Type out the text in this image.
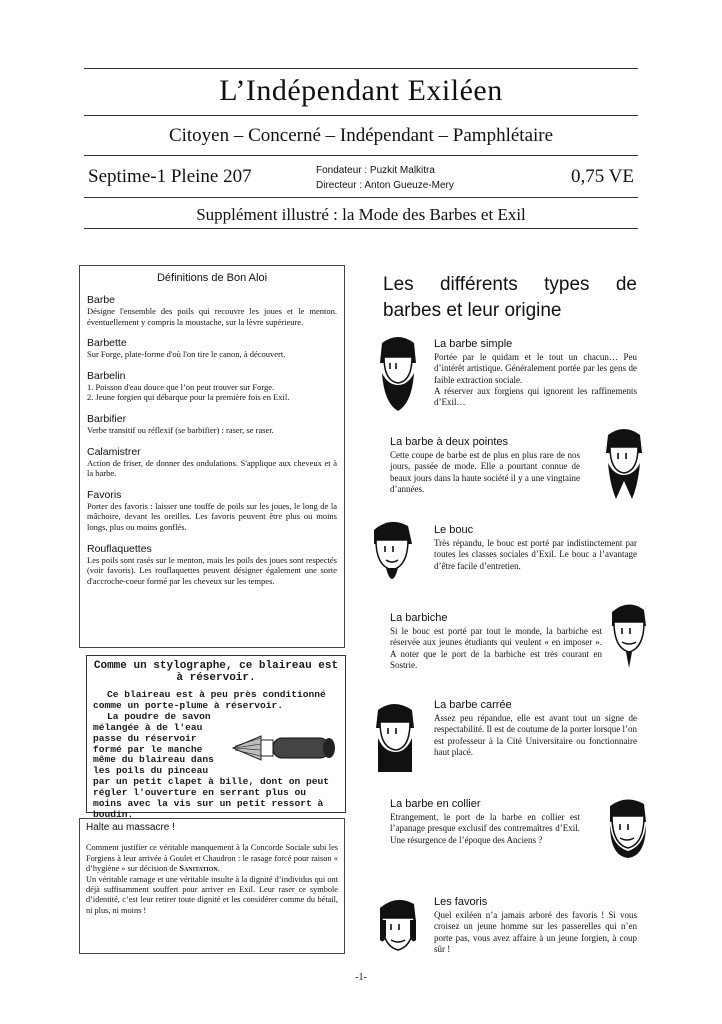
L’Indépendant Exiléen
Citoyen – Concerné – Indépendant – Pamphlétaire
Septime-1 Pleine 207	Fondateur : Puzkit Malkitra
Directeur : Anton Gueuze-Mery	0,75 VE
Supplément illustré : la Mode des Barbes et Exil
Définitions de Bon Aloi
Barbe
Désigne l'ensemble des poils qui recouvre les joues et le menton. éventuellement y compris la moustache, sur la lèvre supérieure.
Barbette
Sur Forge, plate-forme d'où l'on tire le canon, à découvert.
Barbelin
1. Poisson d'eau douce que l’on peut trouver sur Forge.
2. Jeune forgien qui débarque pour la première fois en Exil.
Barbifier
Verbe transitif ou réflexif (se barbifier) : raser, se raser.
Calamistrer
Action de friser, de donner des ondulations. S'applique aux cheveux et à la barbe.
Favoris
Porter des favoris : laisser une touffe de poils sur les joues, le long de la mâchoire, devant les oreilles. Les favoris peuvent être plus ou moins longs, plus ou moins gonflés.
Rouflaquettes
Les poils sont rasés sur le menton, mais les poils des joues sont respectés (voir favoris). Les rouflaquettes peuvent désigner également une sorte d'accroche-coeur formé par les cheveux sur les tempes.
Comme un stylographe, ce blaireau est à réservoir.
Ce blaireau est à peu près conditionné comme un porte-plume à réservoir.
La poudre de savon mélangée à de l'eau passe du réservoir formé par le manche même du blaireau dans les poils du pinceau par un petit clapet à bille, dont on peut régler l'ouverture en serrant plus ou moins avec la vis sur un petit ressort à boudin.
Halte au massacre !
Comment justifier ce véritable manquement à la Concorde Sociale subi les Forgiens à leur arrivée à Goulet et Chaudron : le rasage forcé pour raison « d’hygiène » sur décision de Sanitation.
Un véritable carnage et une véritable insulte à la dignité d’individus qui ont déjà suffisamment souffert pour arriver en Exil. Leur raser ce symbole d’identité, c’est leur retirer toute dignité et les considérer comme du bétail, ni plus, ni moins !
Les différents types de barbes et leur origine
La barbe simple

Portée par le quidam et le tout un chacun… Peu d’intérêt artistique. Généralement portée par les gens de faible extraction sociale.

A réserver aux forgiens qui ignorent les raffinements d’Exil…

La barbe à deux pointes

Cette coupe de barbe est de plus en plus rare de nos jours, passée de mode. Elle a pourtant connue de beaux jours dans la haute société il y a une vingtaine d’années.

Le bouc

Très répandu, le bouc est porté par indistinctement par toutes les classes sociales d’Exil. Le bouc a l’avantage d’être facile d’entretien.

La barbiche

Si le bouc est porté par tout le monde, la barbiche est réservée aux jeunes étudiants qui veulent « en imposer ». A noter que le port de la barbiche est très courant en Sostrie.

La barbe carrée

Assez peu répandue, elle est avant tout un signe de respectabilité. Il est de coutume de la porter lorsque l’on est professeur à la Cité Universitaire ou fonctionnaire haut placé.

La barbe en collier

Etrangement, le port de la barbe en collier est l’apanage presque exclusif des contremaîtres d’Exil. Une résurgence de l’époque des Anciens ?

Les favoris

Quel exiléen n’a jamais arboré des favoris ! Si vous croisez un jeune homme sur les passerelles qui n’en porte pas, vous avez affaire à un jeune forgien, à coup sûr !

-1-
